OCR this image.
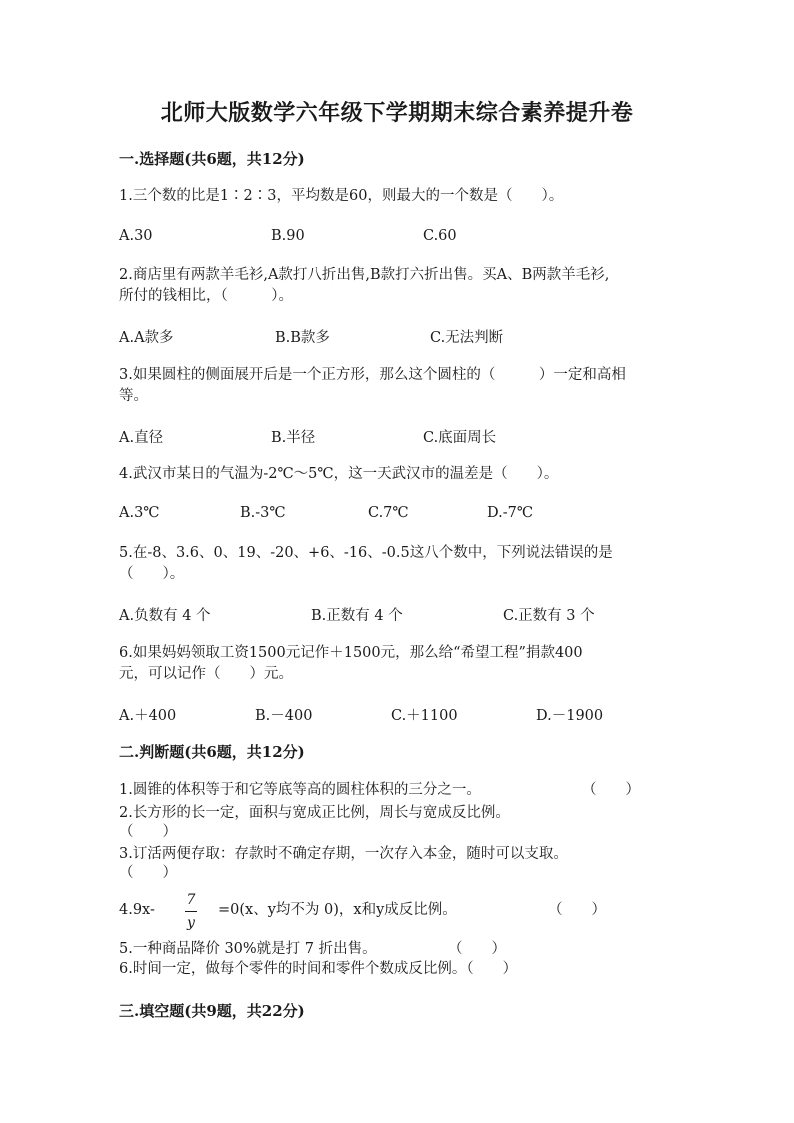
北师大版数学六年级下学期期末综合素养提升卷
一.选择题(共6题，共12分)
1.三个数的比是1∶2∶3，平均数是60，则最大的一个数是（　　）。
A.30	B.90	C.60
2.商店里有两款羊毛衫,A款打八折出售,B款打六折出售。买A、B两款羊毛衫,
所付的钱相比，（　　　）。
A.A款多	B.B款多	C.无法判断
3.如果圆柱的侧面展开后是一个正方形，那么这个圆柱的（　　　）一定和高相
等。
A.直径	B.半径	C.底面周长
4.武汉市某日的气温为-2℃～5℃，这一天武汉市的温差是（　　）。
A.3℃	B.-3℃	C.7℃	D.-7℃
5.在-8、3.6、0、19、-20、+6、-16、-0.5这八个数中，下列说法错误的是
（　　）。
A.负数有 4 个	B.正数有 4 个	C.正数有 3 个
6.如果妈妈领取工资1500元记作＋1500元，那么给“希望工程”捐款400
元，可以记作（　　）元。
A.＋400	B.－400	C.＋1100	D.－1900
二.判断题(共6题，共12分)
1.圆锥的体积等于和它等底等高的圆柱体积的三分之一。	（　　）
2.长方形的长一定，面积与宽成正比例，周长与宽成反比例。
（　　）
3.订活两便存取：存款时不确定存期，一次存入本金，随时可以支取。
（　　）
4.9x-
7
y
=0(x、y均不为 0)，x和y成反比例。	（　　）
5.一种商品降价 30%就是打 7 折出售。	（　　）
6.时间一定，做每个零件的时间和零件个数成反比例。（　　）
三.填空题(共9题，共22分)
